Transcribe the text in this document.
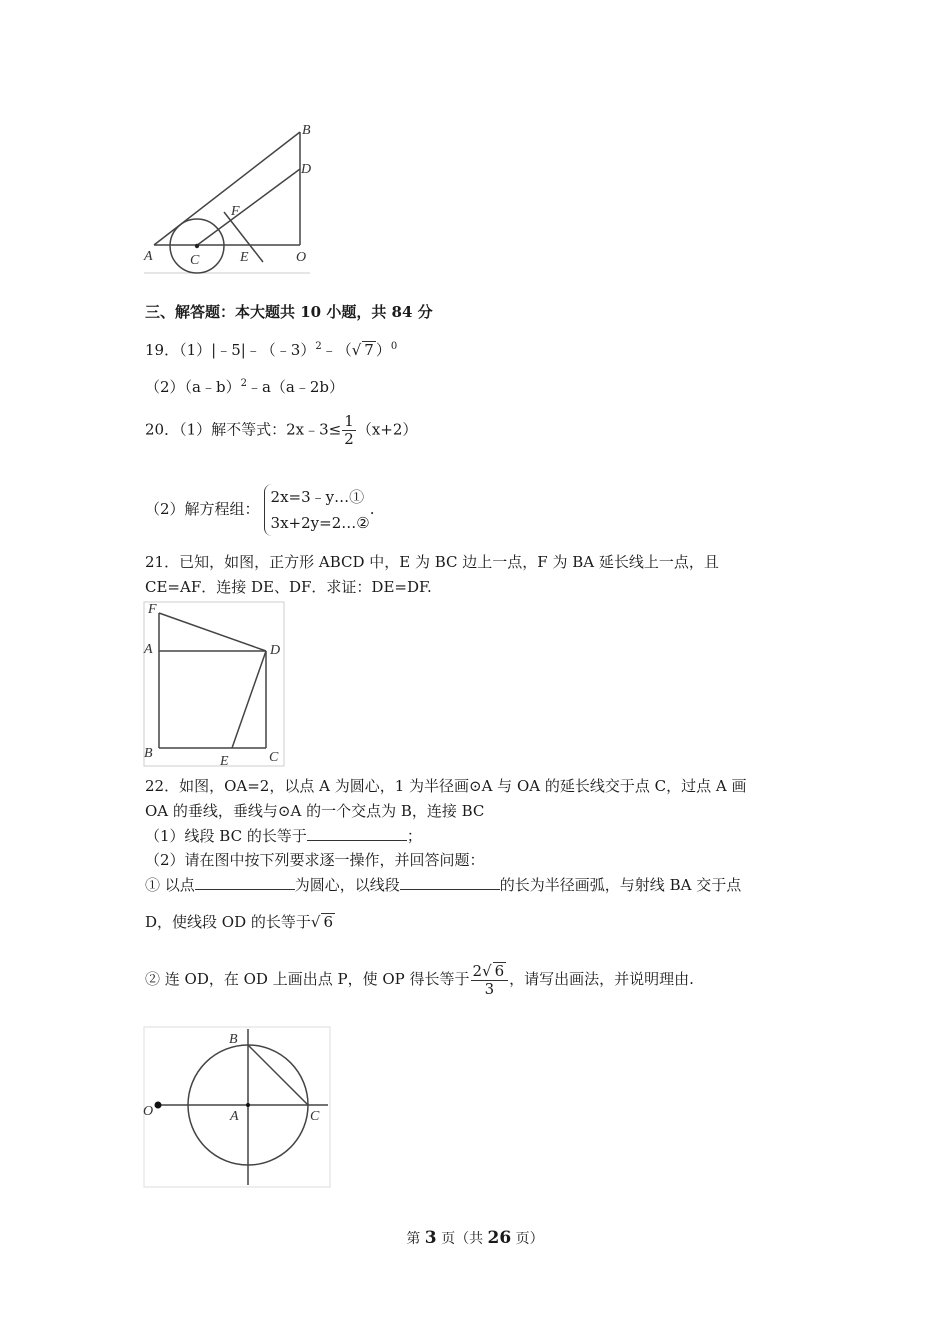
B
D
F
A	C	E	O
三、解答题：本大题共 10 小题，共 84 分
19．（1）|﹣5|﹣（﹣3）$^2$﹣（√ 7 ）$^0$
（2）（a﹣b）$^2$﹣a（a﹣2b）
20．（1）解不等式：2x﹣3≤ $\frac{1}{2} (x+2)$
（2）解方程组：
2x=3﹣y…①
3x+2y=2…②
.
21．已知，如图，正方形 ABCD 中，E 为 BC 边上一点，F 为 BA 延长线上一点，且
CE=AF．连接 DE、DF．求证：DE=DF.
F
A	D
B
E	C
22．如图，OA=2，以点 A 为圆心，1 为半径画⊙A 与 OA 的延长线交于点 C，过点 A 画
OA 的垂线，垂线与⊙A 的一个交点为 B，连接 BC
（1）线段 BC 的长等于	；
（2）请在图中按下列要求逐一操作，并回答问题：
① 以点	为圆心，以线段	的长为半径画弧，与射线 BA 交于点
D，使线段 OD 的长等于√ 6
② 连 OD，在 OD 上画出点 P，使 OP 得长等于 $\frac{2√ 6}{3}$ ，请写出画法，并说明理由.
B
O	A	C
第 3 页（共 26 页）
